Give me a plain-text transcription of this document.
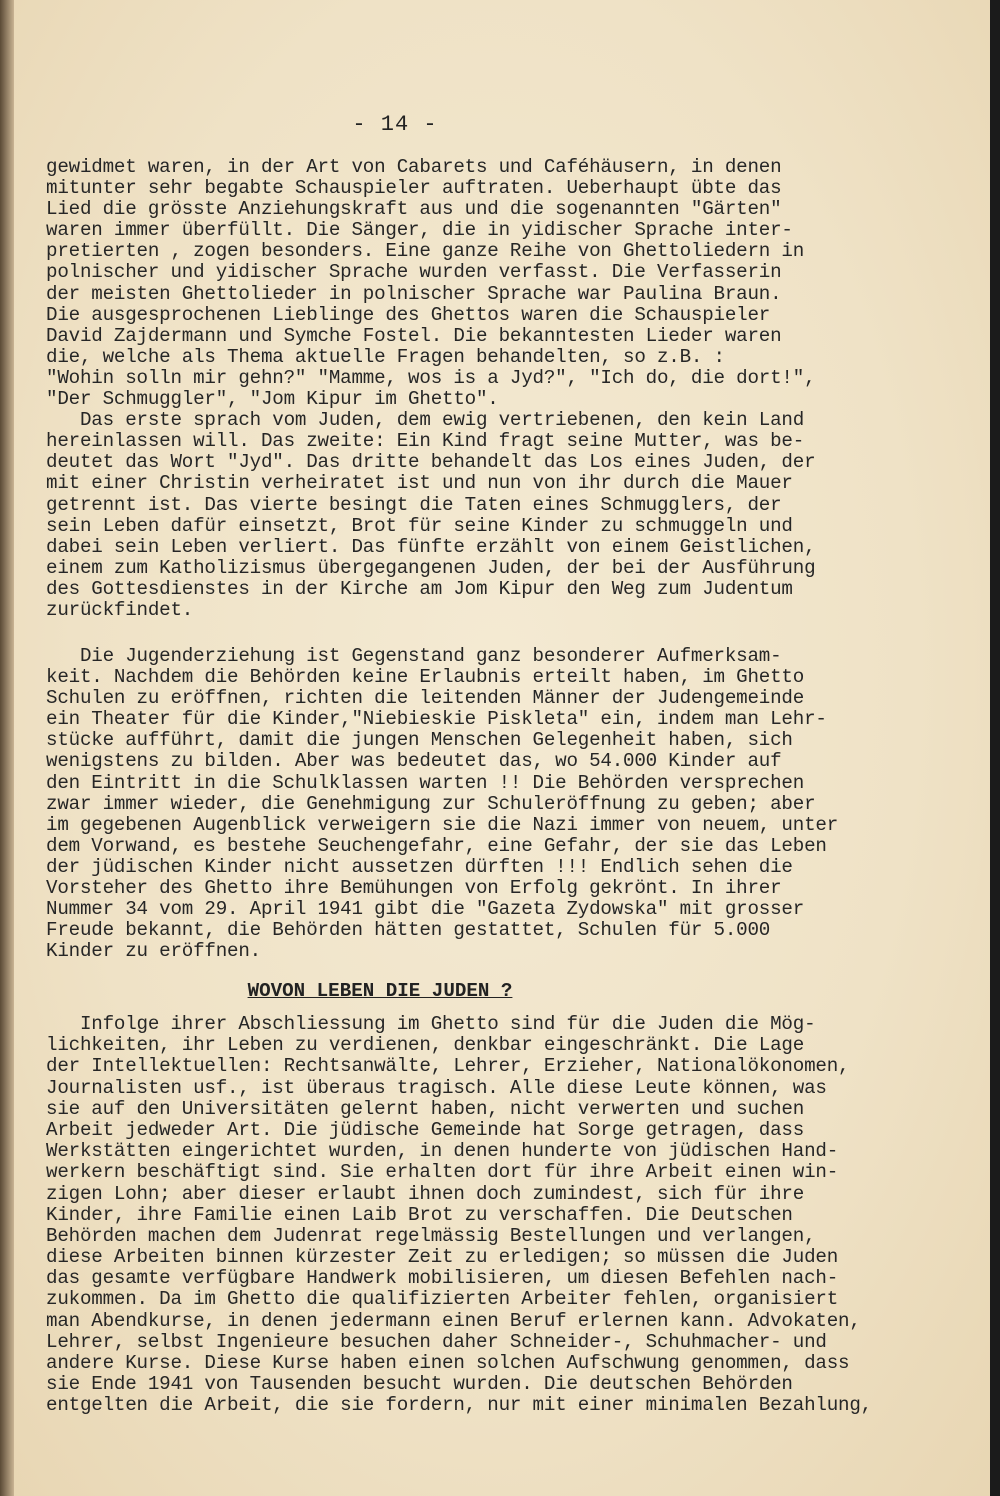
- 14 -
gewidmet waren, in der Art von Cabarets und Caféhäusern, in denen
mitunter sehr begabte Schauspieler auftraten. Ueberhaupt übte das
Lied die grösste Anziehungskraft aus und die sogenannten "Gärten"
waren immer überfüllt. Die Sänger, die in yidischer Sprache inter-
pretierten , zogen besonders. Eine ganze Reihe von Ghettoliedern in
polnischer und yidischer Sprache wurden verfasst. Die Verfasserin
der meisten Ghettolieder in polnischer Sprache war Paulina Braun.
Die ausgesprochenen Lieblinge des Ghettos waren die Schauspieler
David Zajdermann und Symche Fostel. Die bekanntesten Lieder waren
die, welche als Thema aktuelle Fragen behandelten, so z.B. :
"Wohin solln mir gehn?" "Mamme, wos is a Jyd?", "Ich do, die dort!",
"Der Schmuggler", "Jom Kipur im Ghetto".
Das erste sprach vom Juden, dem ewig vertriebenen, den kein Land
hereinlassen will. Das zweite: Ein Kind fragt seine Mutter, was be-
deutet das Wort "Jyd". Das dritte behandelt das Los eines Juden, der
mit einer Christin verheiratet ist und nun von ihr durch die Mauer
getrennt ist. Das vierte besingt die Taten eines Schmugglers, der
sein Leben dafür einsetzt, Brot für seine Kinder zu schmuggeln und
dabei sein Leben verliert. Das fünfte erzählt von einem Geistlichen,
einem zum Katholizismus übergegangenen Juden, der bei der Ausführung
des Gottesdienstes in der Kirche am Jom Kipur den Weg zum Judentum
zurückfindet.
Die Jugenderziehung ist Gegenstand ganz besonderer Aufmerksam-
keit. Nachdem die Behörden keine Erlaubnis erteilt haben, im Ghetto
Schulen zu eröffnen, richten die leitenden Männer der Judengemeinde
ein Theater für die Kinder,"Niebieskie Piskleta" ein, indem man Lehr-
stücke aufführt, damit die jungen Menschen Gelegenheit haben, sich
wenigstens zu bilden. Aber was bedeutet das, wo 54.000 Kinder auf
den Eintritt in die Schulklassen warten !! Die Behörden versprechen
zwar immer wieder, die Genehmigung zur Schuleröffnung zu geben; aber
im gegebenen Augenblick verweigern sie die Nazi immer von neuem, unter
dem Vorwand, es bestehe Seuchengefahr, eine Gefahr, der sie das Leben
der jüdischen Kinder nicht aussetzen dürften !!! Endlich sehen die
Vorsteher des Ghetto ihre Bemühungen von Erfolg gekrönt. In ihrer
Nummer 34 vom 29. April 1941 gibt die "Gazeta Zydowska" mit grosser
Freude bekannt, die Behörden hätten gestattet, Schulen für 5.000
Kinder zu eröffnen.
WOVON LEBEN DIE JUDEN ?
Infolge ihrer Abschliessung im Ghetto sind für die Juden die Mög-
lichkeiten, ihr Leben zu verdienen, denkbar eingeschränkt. Die Lage
der Intellektuellen: Rechtsanwälte, Lehrer, Erzieher, Nationalökonomen,
Journalisten usf., ist überaus tragisch. Alle diese Leute können, was
sie auf den Universitäten gelernt haben, nicht verwerten und suchen
Arbeit jedweder Art. Die jüdische Gemeinde hat Sorge getragen, dass
Werkstätten eingerichtet wurden, in denen hunderte von jüdischen Hand-
werkern beschäftigt sind. Sie erhalten dort für ihre Arbeit einen win-
zigen Lohn; aber dieser erlaubt ihnen doch zumindest, sich für ihre
Kinder, ihre Familie einen Laib Brot zu verschaffen. Die Deutschen
Behörden machen dem Judenrat regelmässig Bestellungen und verlangen,
diese Arbeiten binnen kürzester Zeit zu erledigen; so müssen die Juden
das gesamte verfügbare Handwerk mobilisieren, um diesen Befehlen nach-
zukommen. Da im Ghetto die qualifizierten Arbeiter fehlen, organisiert
man Abendkurse, in denen jedermann einen Beruf erlernen kann. Advokaten,
Lehrer, selbst Ingenieure besuchen daher Schneider-, Schuhmacher- und
andere Kurse. Diese Kurse haben einen solchen Aufschwung genommen, dass
sie Ende 1941 von Tausenden besucht wurden. Die deutschen Behörden
entgelten die Arbeit, die sie fordern, nur mit einer minimalen Bezahlung,
